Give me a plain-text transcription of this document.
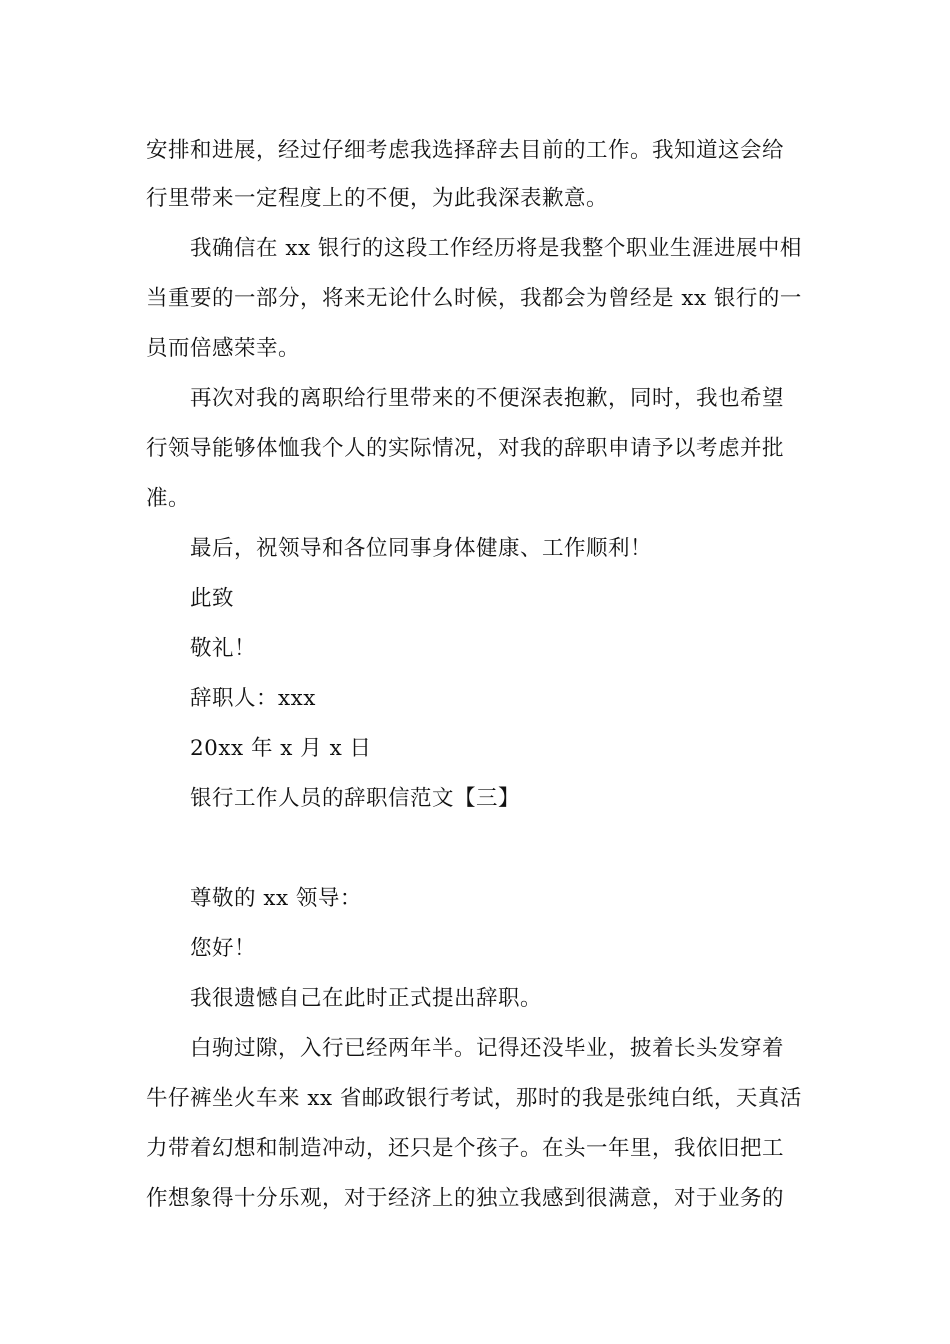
安排和进展，经过仔细考虑我选择辞去目前的工作。我知道这会给
行里带来一定程度上的不便，为此我深表歉意。
我确信在 xx 银行的这段工作经历将是我整个职业生涯进展中相
当重要的一部分，将来无论什么时候，我都会为曾经是 xx 银行的一
员而倍感荣幸。
再次对我的离职给行里带来的不便深表抱歉，同时，我也希望
行领导能够体恤我个人的实际情况，对我的辞职申请予以考虑并批
准。
最后，祝领导和各位同事身体健康、工作顺利！
此致
敬礼！
辞职人：xxx
20xx 年 x 月 x 日
银行工作人员的辞职信范文【三】
尊敬的 xx 领导：
您好！
我很遗憾自己在此时正式提出辞职。
白驹过隙，入行已经两年半。记得还没毕业，披着长头发穿着
牛仔裤坐火车来 xx 省邮政银行考试，那时的我是张纯白纸，天真活
力带着幻想和制造冲动，还只是个孩子。在头一年里，我依旧把工
作想象得十分乐观，对于经济上的独立我感到很满意，对于业务的
